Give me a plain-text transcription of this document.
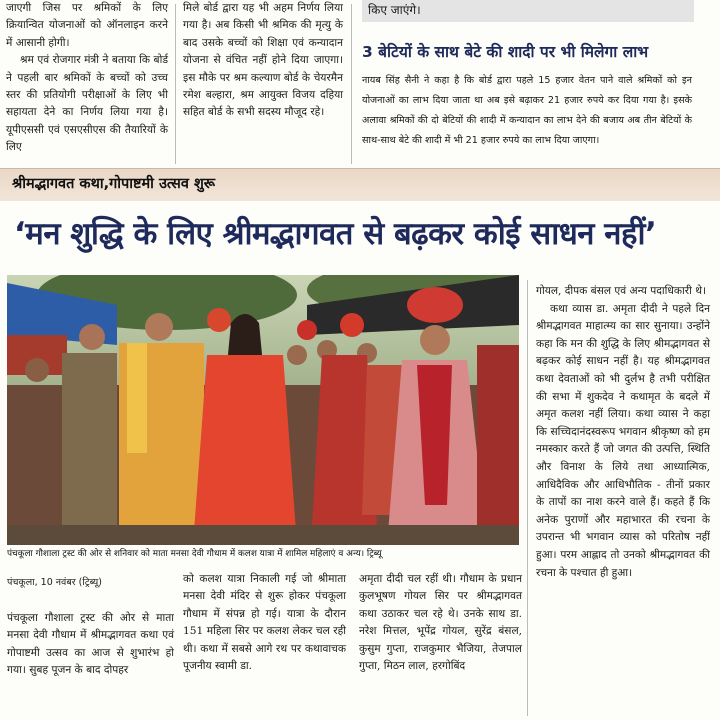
जाएगी जिस पर श्रमिकों के लिए क्रियान्वित योजनाओं को ऑनलाइन करने में आसानी होगी।

श्रम एवं रोजगार मंत्री ने बताया कि बोर्ड ने पहली बार श्रमिकों के बच्चों को उच्च स्तर की प्रतियोगी परीक्षाओं के लिए भी सहायता देने का निर्णय लिया गया है। यूपीएससी एवं एसएसीएस की तैयारियों के लिए

मिले बोर्ड द्वारा यह भी अहम निर्णय लिया गया है। अब किसी भी श्रमिक की मृत्यु के बाद उसके बच्चों को शिक्षा एवं कन्यादान योजना से वंचित नहीं होने दिया जाएगा। इस मौके पर श्रम कल्याण बोर्ड के चेयरमैन रमेश बल्हारा, श्रम आयुक्त विजय दहिया सहित बोर्ड के सभी सदस्य मौजूद रहे।
किए जाएंगे।
3 बेटियों के साथ बेटे की शादी पर भी मिलेगा लाभ
नायब सिंह सैनी ने कहा है कि बोर्ड द्वारा पहले 15 हजार वेतन पाने वाले श्रमिकों को इन योजनाओं का लाभ दिया जाता था अब इसे बढ़ाकर 21 हजार रुपये कर दिया गया है। इसके अलावा श्रमिकों की दो बेटियों की शादी में कन्यादान का लाभ देने की बजाय अब तीन बेटियों के साथ-साथ बेटे की शादी में भी 21 हजार रुपये का लाभ दिया जाएगा।
श्रीमद्भागवत कथा,गोपाष्टमी उत्सव शुरू
‘मन शुद्धि के लिए श्रीमद्भागवत से बढ़कर कोई साधन नहीं’
पंचकूला गौशाला ट्रस्ट की ओर से शनिवार को माता मनसा देवी गौधाम में कलश यात्रा में शामिल महिलाएं व अन्य। ट्रिब्यू
पंचकूला, 10 नवंबर (ट्रिब्यू)
पंचकूला गौशाला ट्रस्ट की ओर से माता मनसा देवी गौधाम में श्रीमद्भागवत कथा एवं गोपाष्टमी उत्सव का आज से शुभारंभ हो गया। सुबह पूजन के बाद दोपहर
को कलश यात्रा निकाली गई जो श्रीमाता मनसा देवी मंदिर से शुरू होकर पंचकूला गौधाम में संपन्न हो गई। यात्रा के दौरान 151 महिला सिर पर कलश लेकर चल रही थी। कथा में सबसे आगे रथ पर कथावाचक पूजनीय स्वामी डा.
अमृता दीदी चल रहीं थी। गौधाम के प्रधान कुलभूषण गोयल सिर पर श्रीमद्भागवत कथा उठाकर चल रहे थे। उनके साथ डा. नरेश मित्तल, भूपेंद्र गोयल, सुरेंद्र बंसल, कुसुम गुप्ता, राजकुमार भैजिया, तेजपाल गुप्ता, मिठन लाल, हरगोबिंद

गोयल, दीपक बंसल एवं अन्य पदाधिकारी थे।

कथा व्यास डा. अमृता दीदी ने पहले दिन श्रीमद्भागवत माहात्म्य का सार सुनाया। उन्होंने कहा कि मन की शुद्धि के लिए श्रीमद्भागवत से बढ़कर कोई साधन नहीं है। यह श्रीमद्भागवत कथा देवताओं को भी दुर्लभ है तभी परीक्षित की सभा में शुकदेव ने कथामृत के बदले में अमृत कलश नहीं लिया। कथा व्यास ने कहा कि सच्चिदानंदस्वरूप भगवान श्रीकृष्ण को हम नमस्कार करते हैं जो जगत की उत्पत्ति, स्थिति और विनाश के लिये तथा आध्यात्मिक, आधिदैविक और आधिभौतिक - तीनों प्रकार के तापों का नाश करने वाले हैं। कहते हैं कि अनेक पुराणों और महाभारत की रचना के उपरान्त भी भगवान व्यास को परितोष नहीं हुआ। परम आह्लाद तो उनको श्रीमद्भागवत की रचना के पश्चात ही हुआ।
